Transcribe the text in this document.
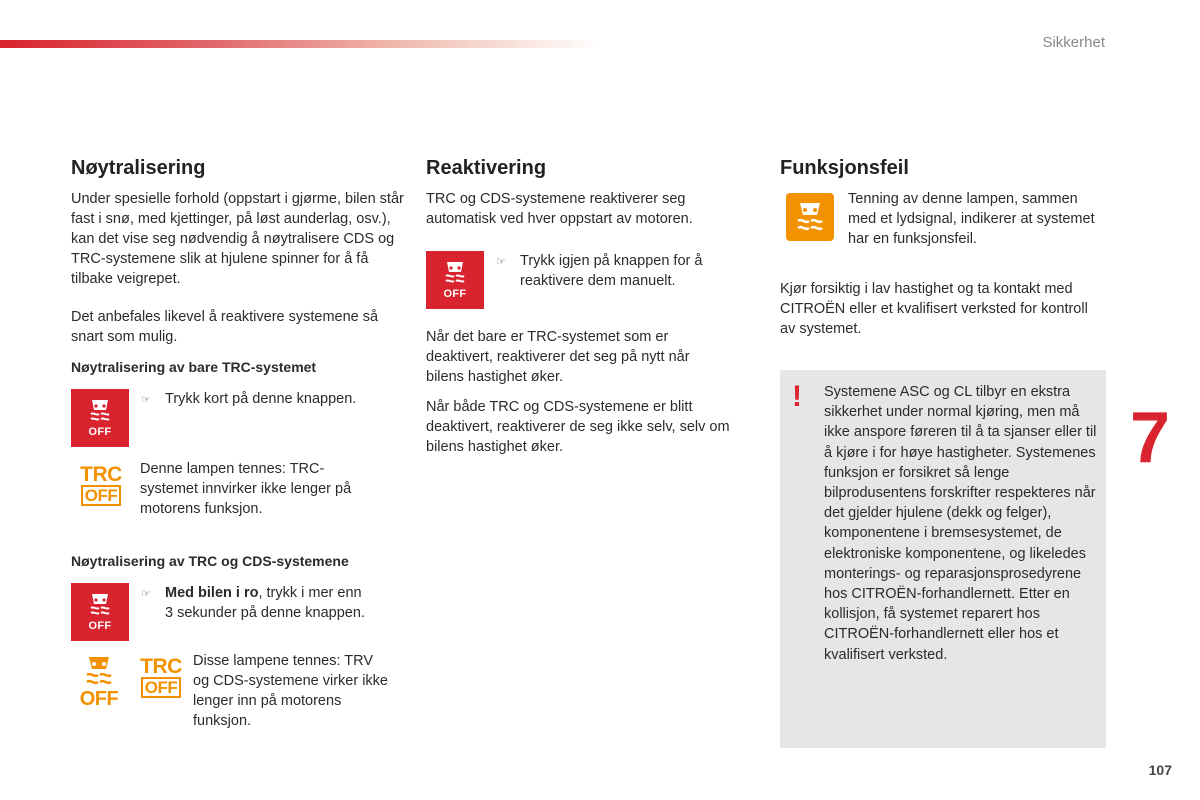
Sikkerhet
Nøytralisering

Under spesielle forhold (oppstart i gjørme, bilen står fast i snø, med kjettinger, på løst aunderlag, osv.), kan det vise seg nødvendig å nøytralisere CDS og TRC-systemene slik at hjulene spinner for å få tilbake veigrepet.

Det anbefales likevel å reaktivere systemene så snart som mulig.

Nøytralisering av bare TRC-systemet
OFF
☞ Trykk kort på denne knappen.
TRC
OFF

Denne lampen tennes: TRC-systemet innvirker ikke lenger på motorens funksjon.

Nøytralisering av TRC og CDS-systemene
OFF
☞ Med bilen i ro, trykk i mer enn 3 sekunder på denne knappen.
OFF
TRC
OFF

Disse lampene tennes: TRV og CDS-systemene virker ikke lenger inn på motorens funksjon.

Reaktivering

TRC og CDS-systemene reaktiverer seg automatisk ved hver oppstart av motoren.

OFF
☞ Trykk igjen på knappen for å reaktivere dem manuelt.

Når det bare er TRC-systemet som er deaktivert, reaktiverer det seg på nytt når bilens hastighet øker.

Når både TRC og CDS-systemene er blitt deaktivert, reaktiverer de seg ikke selv, selv om bilens hastighet øker.

Funksjonsfeil

Tenning av denne lampen, sammen med et lydsignal, indikerer at systemet har en funksjonsfeil.

Kjør forsiktig i lav hastighet og ta kontakt med CITROËN eller et kvalifisert verksted for kontroll av systemet.

! Systemene ASC og CL tilbyr en ekstra sikkerhet under normal kjøring, men må ikke anspore føreren til å ta sjanser eller til å kjøre i for høye hastigheter. Systemenes funksjon er forsikret så lenge bilprodusentens forskrifter respekteres når det gjelder hjulene (dekk og felger), komponentene i bremsesystemet, de elektroniske komponentene, og likeledes monterings- og reparasjonsprosedyrene hos CITROËN-forhandlernett. Etter en kollisjon, få systemet reparert hos CITROËN-forhandlernett eller hos et kvalifisert verksted.

7
107
